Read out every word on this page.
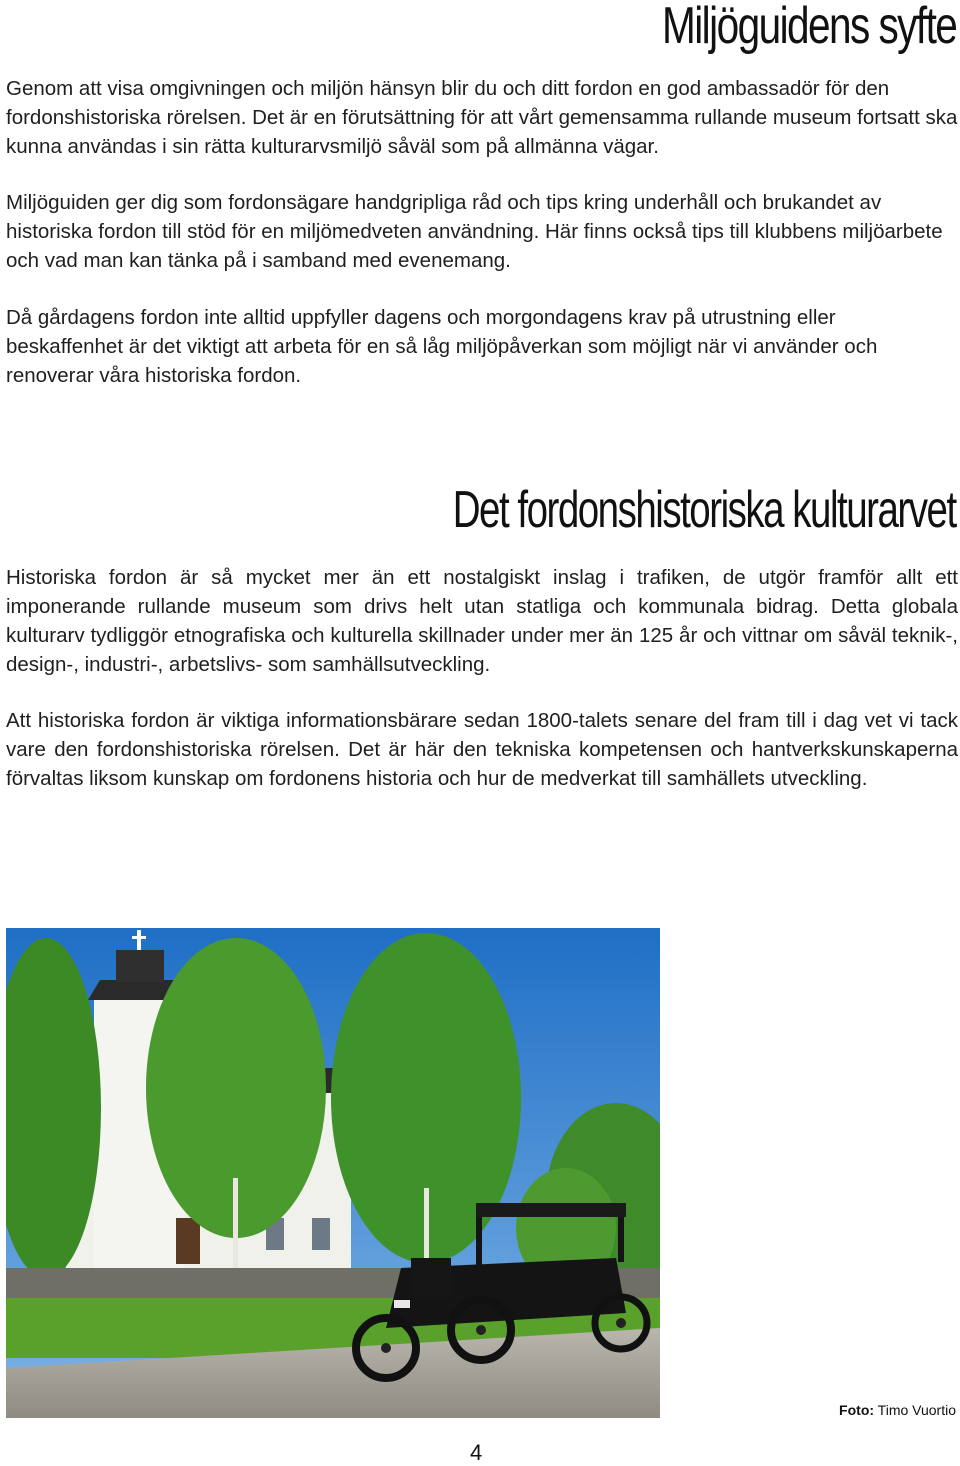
Miljöguidens syfte

Genom att visa omgivningen och miljön hänsyn blir du och ditt fordon en god ambassadör för den fordonshistoriska rörelsen. Det är en förutsättning för att vårt gemensamma rullande museum fortsatt ska kunna användas i sin rätta kulturarvsmiljö såväl som på allmänna vägar.

Miljöguiden ger dig som fordonsägare handgripliga råd och tips kring underhåll och brukandet av historiska fordon till stöd för en miljömedveten användning. Här finns också tips till klubbens miljöarbete och vad man kan tänka på i samband med evenemang.

Då gårdagens fordon inte alltid uppfyller dagens och morgondagens krav på utrustning eller beskaffenhet är det viktigt att arbeta för en så låg miljöpåverkan som möjligt när vi använder och renoverar våra historiska fordon.

Det fordonshistoriska kulturarvet

Historiska fordon är så mycket mer än ett nostalgiskt inslag i trafiken, de utgör framför allt ett imponerande rullande museum som drivs helt utan statliga och kommunala bidrag. Detta globala kulturarv tydliggör etnografiska och kulturella skillnader under mer än 125 år och vittnar om såväl teknik-, design-, industri-, arbetslivs- som samhällsutveckling.

Att historiska fordon är viktiga informationsbärare sedan 1800-talets senare del fram till i dag vet vi tack vare den fordonshistoriska rörelsen. Det är här den tekniska kompetensen och hantverkskunskaperna förvaltas liksom kunskap om fordonens historia och hur de medverkat till samhällets utveckling.

Foto: Timo Vuortio
4
